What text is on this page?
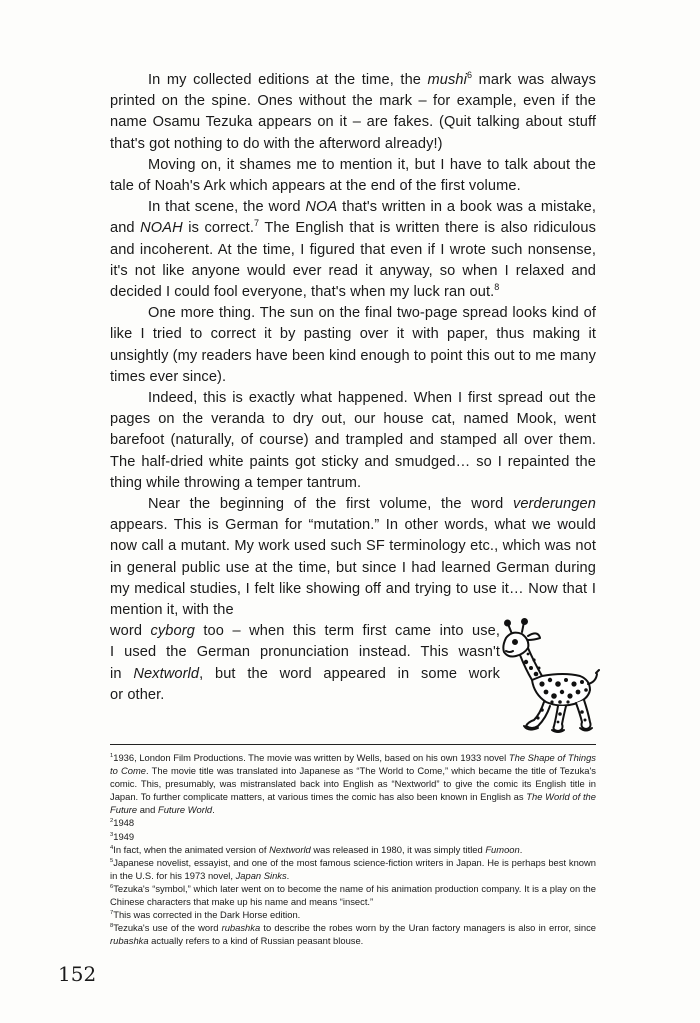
In my collected editions at the time, the mushi$^6$ mark was always printed on the spine. Ones without the mark – for example, even if the name Osamu Tezuka appears on it – are fakes. (Quit talking about stuff that's got nothing to do with the afterword already!)

Moving on, it shames me to mention it, but I have to talk about the tale of Noah's Ark which appears at the end of the first volume.

In that scene, the word NOA that's written in a book was a mistake, and NOAH is correct.$^7$ The English that is written there is also ridiculous and incoherent. At the time, I figured that even if I wrote such nonsense, it's not like anyone would ever read it anyway, so when I relaxed and decided I could fool everyone, that's when my luck ran out.$^8$

One more thing. The sun on the final two-page spread looks kind of like I tried to correct it by pasting over it with paper, thus making it unsightly (my readers have been kind enough to point this out to me many times ever since).

Indeed, this is exactly what happened. When I first spread out the pages on the veranda to dry out, our house cat, named Mook, went barefoot (naturally, of course) and trampled and stamped all over them. The half-dried white paints got sticky and smudged… so I repainted the thing while throwing a temper tantrum.

Near the beginning of the first volume, the word verderungen appears. This is German for “mutation.” In other words, what we would now call a mutant. My work used such SF terminology etc., which was not in general public use at the time, but since I had learned German during my medical studies, I felt like showing off and trying to use it… Now that I mention it, with the

word cyborg too – when this term first came into use,
I used the German pronunciation instead. This wasn't
in Nextworld, but the word appeared in some work
or other.

$^1$1936, London Film Productions. The movie was written by Wells, based on his own 1933 novel The Shape of Things to Come. The movie title was translated into Japanese as “The World to Come,” which became the title of Tezuka's comic. This, presumably, was mistranslated back into English as “Nextworld” to give the comic its English title in Japan. To further complicate matters, at various times the comic has also been known in English as The World of the Future and Future World.

$^2$1948

$^3$1949

$^4$In fact, when the animated version of Nextworld was released in 1980, it was simply titled Fumoon.

$^5$Japanese novelist, essayist, and one of the most famous science-fiction writers in Japan. He is perhaps best known in the U.S. for his 1973 novel, Japan Sinks.

$^6$Tezuka's “symbol,” which later went on to become the name of his animation production company. It is a play on the Chinese characters that make up his name and means “insect.”

$^7$This was corrected in the Dark Horse edition.

$^8$Tezuka's use of the word rubashka to describe the robes worn by the Uran factory managers is also in error, since rubashka actually refers to a kind of Russian peasant blouse.

152
